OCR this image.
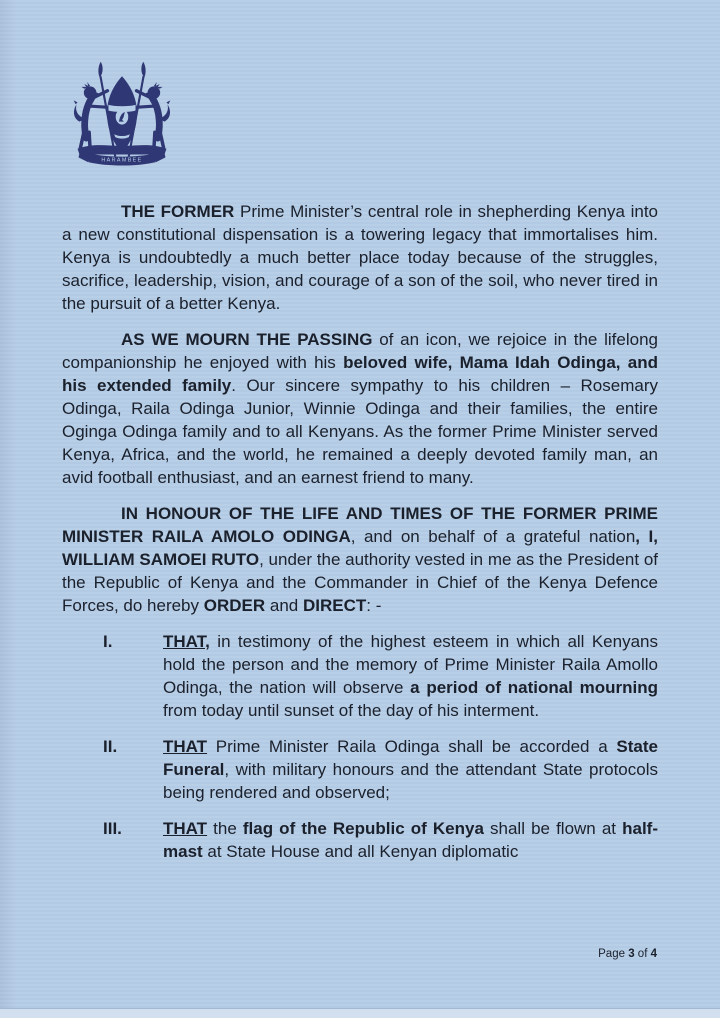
HARAMBEE

THE FORMER Prime Minister’s central role in shepherding Kenya into a new constitutional dispensation is a towering legacy that immortalises him. Kenya is undoubtedly a much better place today because of the struggles, sacrifice, leadership, vision, and courage of a son of the soil, who never tired in the pursuit of a better Kenya.

AS WE MOURN THE PASSING of an icon, we rejoice in the lifelong companionship he enjoyed with his beloved wife, Mama Idah Odinga, and his extended family. Our sincere sympathy to his children – Rosemary Odinga, Raila Odinga Junior, Winnie Odinga and their families, the entire Oginga Odinga family and to all Kenyans. As the former Prime Minister served Kenya, Africa, and the world, he remained a deeply devoted family man, an avid football enthusiast, and an earnest friend to many.

IN HONOUR OF THE LIFE AND TIMES OF THE FORMER PRIME MINISTER RAILA AMOLO ODINGA, and on behalf of a grateful nation, I, WILLIAM SAMOEI RUTO, under the authority vested in me as the President of the Republic of Kenya and the Commander in Chief of the Kenya Defence Forces, do hereby ORDER and DIRECT: -

I.	THAT, in testimony of the highest esteem in which all Kenyans hold the person and the memory of Prime Minister Raila Amollo Odinga, the nation will observe a period of national mourning from today until sunset of the day of his interment.
II.	THAT Prime Minister Raila Odinga shall be accorded a State Funeral, with military honours and the attendant State protocols being rendered and observed;
III.	THAT the flag of the Republic of Kenya shall be flown at half-mast at State House and all Kenyan diplomatic
Page 3 of 4
